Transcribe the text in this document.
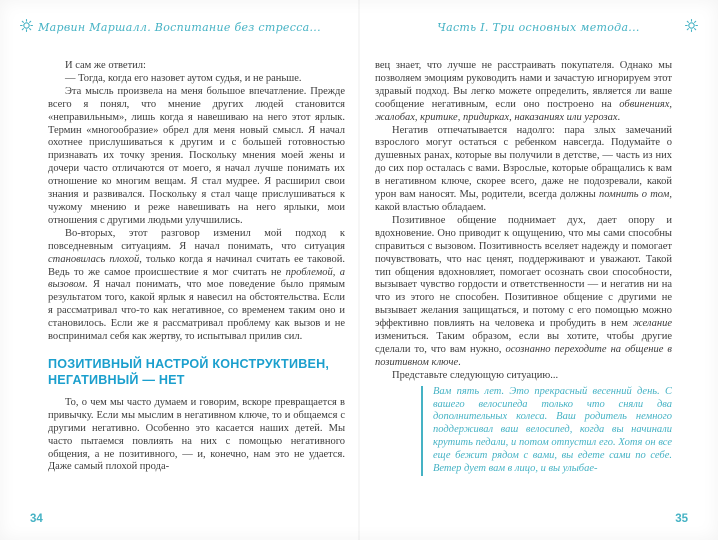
Марвин Маршалл. Воспитание без стресса...

И сам же ответил:

— Тогда, когда его назовет аутом судья, и не раньше.

Эта мысль произвела на меня большое впечатление. Прежде всего я понял, что мнение других людей становится «неправильным», лишь когда я навешиваю на него этот ярлык. Термин «многообразие» обрел для меня новый смысл. Я начал охотнее прислушиваться к другим и с большей готовностью признавать их точку зрения. Поскольку мнения моей жены и дочери часто отличаются от моего, я начал лучше понимать их отношение ко многим вещам. Я стал мудрее. Я расширил свои знания и развивался. Поскольку я стал чаще прислушиваться к чужому мнению и реже навешивать на него ярлыки, мои отношения с другими людьми улучшились.

Во-вторых, этот разговор изменил мой подход к повседневным ситуациям. Я начал понимать, что ситуация становилась плохой, только когда я начинал считать ее таковой. Ведь то же самое происшествие я мог считать не проблемой, а вызовом. Я начал понимать, что мое поведение было прямым результатом того, какой ярлык я навесил на обстоятельства. Если я рассматривал что-то как негативное, со временем таким оно и становилось. Если же я рассматривал проблему как вызов и не воспринимал себя как жертву, то испытывал прилив сил.

ПОЗИТИВНЫЙ НАСТРОЙ КОНСТРУКТИВЕН, НЕГАТИВНЫЙ — НЕТ

То, о чем мы часто думаем и говорим, вскоре превращается в привычку. Если мы мыслим в негативном ключе, то и общаемся с другими негативно. Особенно это касается наших детей. Мы часто пытаемся повлиять на них с помощью негативного общения, а не позитивного, — и, конечно, нам это не удается. Даже самый плохой прода-

34
Часть I. Три основных метода...

вец знает, что лучше не расстраивать покупателя. Однако мы позволяем эмоциям руководить нами и зачастую игнорируем этот здравый подход. Вы легко можете определить, является ли ваше сообщение негативным, если оно построено на обвинениях, жалобах, критике, придирках, наказаниях или угрозах.

Негатив отпечатывается надолго: пара злых замечаний взрослого могут остаться с ребенком навсегда. Подумайте о душевных ранах, которые вы получили в детстве, — часть из них до сих пор осталась с вами. Взрослые, которые обращались к вам в негативном ключе, скорее всего, даже не подозревали, какой урон вам наносят. Мы, родители, всегда должны помнить о том, какой властью обладаем.

Позитивное общение поднимает дух, дает опору и вдохновение. Оно приводит к ощущению, что мы сами способны справиться с вызовом. Позитивность вселяет надежду и помогает почувствовать, что нас ценят, поддерживают и уважают. Такой тип общения вдохновляет, помогает осознать свои способности, вызывает чувство гордости и ответственности — и негатив ни на что из этого не способен. Позитивное общение с другими не вызывает желания защищаться, и потому с его помощью можно эффективно повлиять на человека и пробудить в нем желание измениться. Таким образом, если вы хотите, чтобы другие сделали то, что вам нужно, осознанно переходите на общение в позитивном ключе.

Представьте следующую ситуацию...

Вам пять лет. Это прекрасный весенний день. С вашего велосипеда только что сняли два дополнительных колеса. Ваш родитель немного поддерживал ваш велосипед, когда вы начинали крутить педали, и потом отпустил его. Хотя он все еще бежит рядом с вами, вы едете сами по себе. Ветер дует вам в лицо, и вы улыбае-
35
